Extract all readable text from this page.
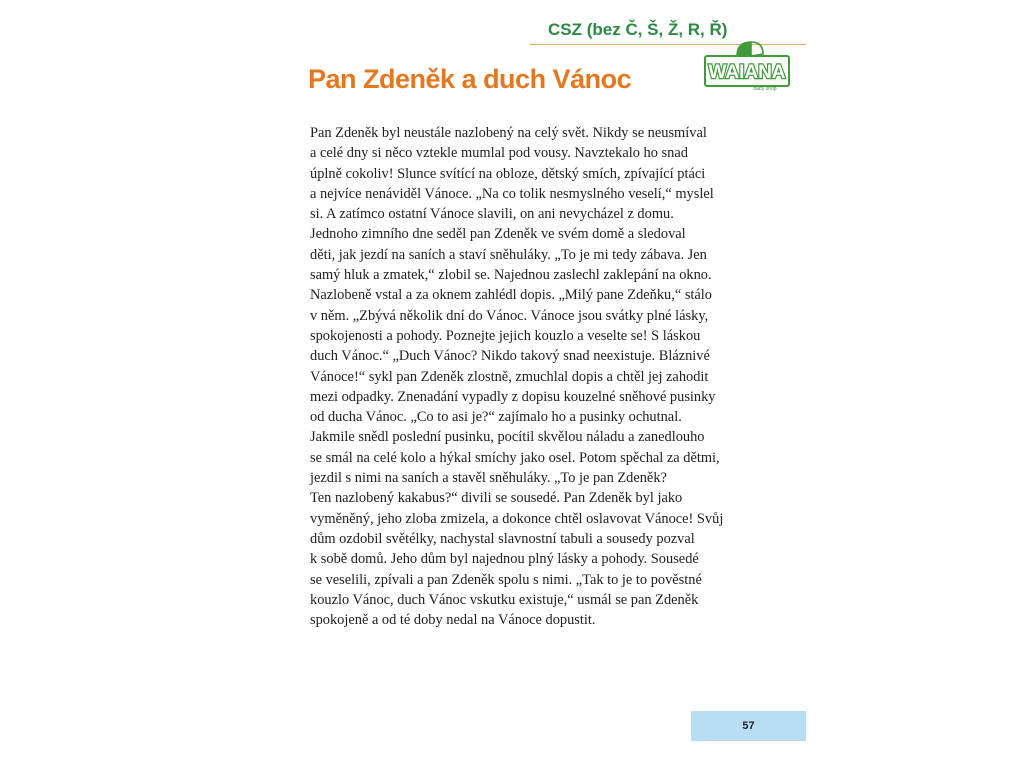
CSZ (bez Č, Š, Ž, R, Ř)
WAIANA
baby shop
Pan Zdeněk a duch Vánoc
Pan Zdeněk byl neustále nazlobený na celý svět. Nikdy se neusmíval
a celé dny si něco vztekle mumlal pod vousy. Navztekalo ho snad
úplně cokoliv! Slunce svítící na obloze, dětský smích, zpívající ptáci
a nejvíce nenáviděl Vánoce. „Na co tolik nesmyslného veselí,“ myslel
si. A zatímco ostatní Vánoce slavili, on ani nevycházel z domu.
Jednoho zimního dne seděl pan Zdeněk ve svém domě a sledoval
děti, jak jezdí na saních a staví sněhuláky. „To je mi tedy zábava. Jen
samý hluk a zmatek,“ zlobil se. Najednou zaslechl zaklepání na okno.
Nazlobeně vstal a za oknem zahlédl dopis. „Milý pane Zdeňku,“ stálo
v něm. „Zbývá několik dní do Vánoc. Vánoce jsou svátky plné lásky,
spokojenosti a pohody. Poznejte jejich kouzlo a veselte se! S láskou
duch Vánoc.“ „Duch Vánoc? Nikdo takový snad neexistuje. Bláznivé
Vánoce!“ sykl pan Zdeněk zlostně, zmuchlal dopis a chtěl jej zahodit
mezi odpadky. Znenadání vypadly z dopisu kouzelné sněhové pusinky
od ducha Vánoc. „Co to asi je?“ zajímalo ho a pusinky ochutnal.
Jakmile snědl poslední pusinku, pocítil skvělou náladu a zanedlouho
se smál na celé kolo a hýkal smíchy jako osel. Potom spěchal za dětmi,
jezdil s nimi na saních a stavěl sněhuláky. „To je pan Zdeněk?
Ten nazlobený kakabus?“ divili se sousedé. Pan Zdeněk byl jako
vyměněný, jeho zloba zmizela, a dokonce chtěl oslavovat Vánoce! Svůj
dům ozdobil světélky, nachystal slavnostní tabuli a sousedy pozval
k sobě domů. Jeho dům byl najednou plný lásky a pohody. Sousedé
se veselili, zpívali a pan Zdeněk spolu s nimi. „Tak to je to pověstné
kouzlo Vánoc, duch Vánoc vskutku existuje,“ usmál se pan Zdeněk
spokojeně a od té doby nedal na Vánoce dopustit.
57
